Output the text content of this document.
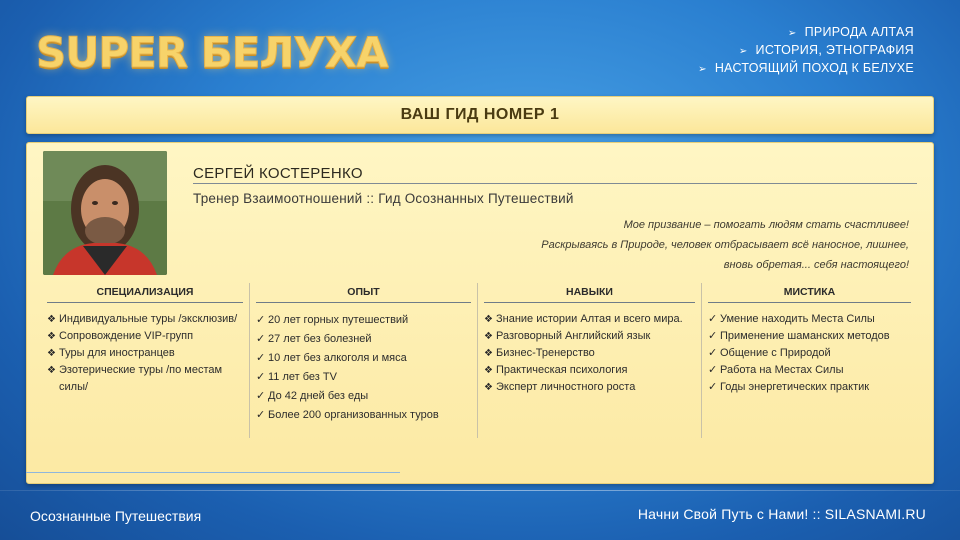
SUPER БЕЛУХА	➢ ПРИРОДА АЛТАЯ
➢ ИСТОРИЯ, ЭТНОГРАФИЯ
➢ НАСТОЯЩИЙ ПОХОД К БЕЛУХЕ
ВАШ ГИД НОМЕР 1
СЕРГЕЙ КОСТЕРЕНКО
Тренер Взаимоотношений :: Гид Осознанных Путешествий

Мое призвание – помогать людям стать счастливее!

Раскрываясь в Природе, человек отбрасывает всё наносное, лишнее,

вновь обретая... себя настоящего!

СПЕЦИАЛИЗАЦИЯ
❖ Индивидуальные туры /эксклюзив/
❖ Сопровождение VIP-групп
❖ Туры для иностранцев
❖ Эзотерические туры /по местам силы/
ОПЫТ
✓ 20 лет горных путешествий
✓ 27 лет без болезней
✓ 10 лет без алкоголя и мяса
✓ 11 лет без TV
✓ До 42 дней без еды
✓ Более 200 организованных туров
НАВЫКИ
❖ Знание истории Алтая и всего мира.
❖ Разговорный Английский язык
❖ Бизнес-Тренерство
❖ Практическая психология
❖ Эксперт личностного роста
МИСТИКА
✓ Умение находить Места Силы
✓ Применение шаманских методов
✓ Общение с Природой
✓ Работа на Местах Силы
✓ Годы энергетических практик
Осознанные Путешествия	Начни Свой Путь с Нами! :: SILASNAMI.RU
